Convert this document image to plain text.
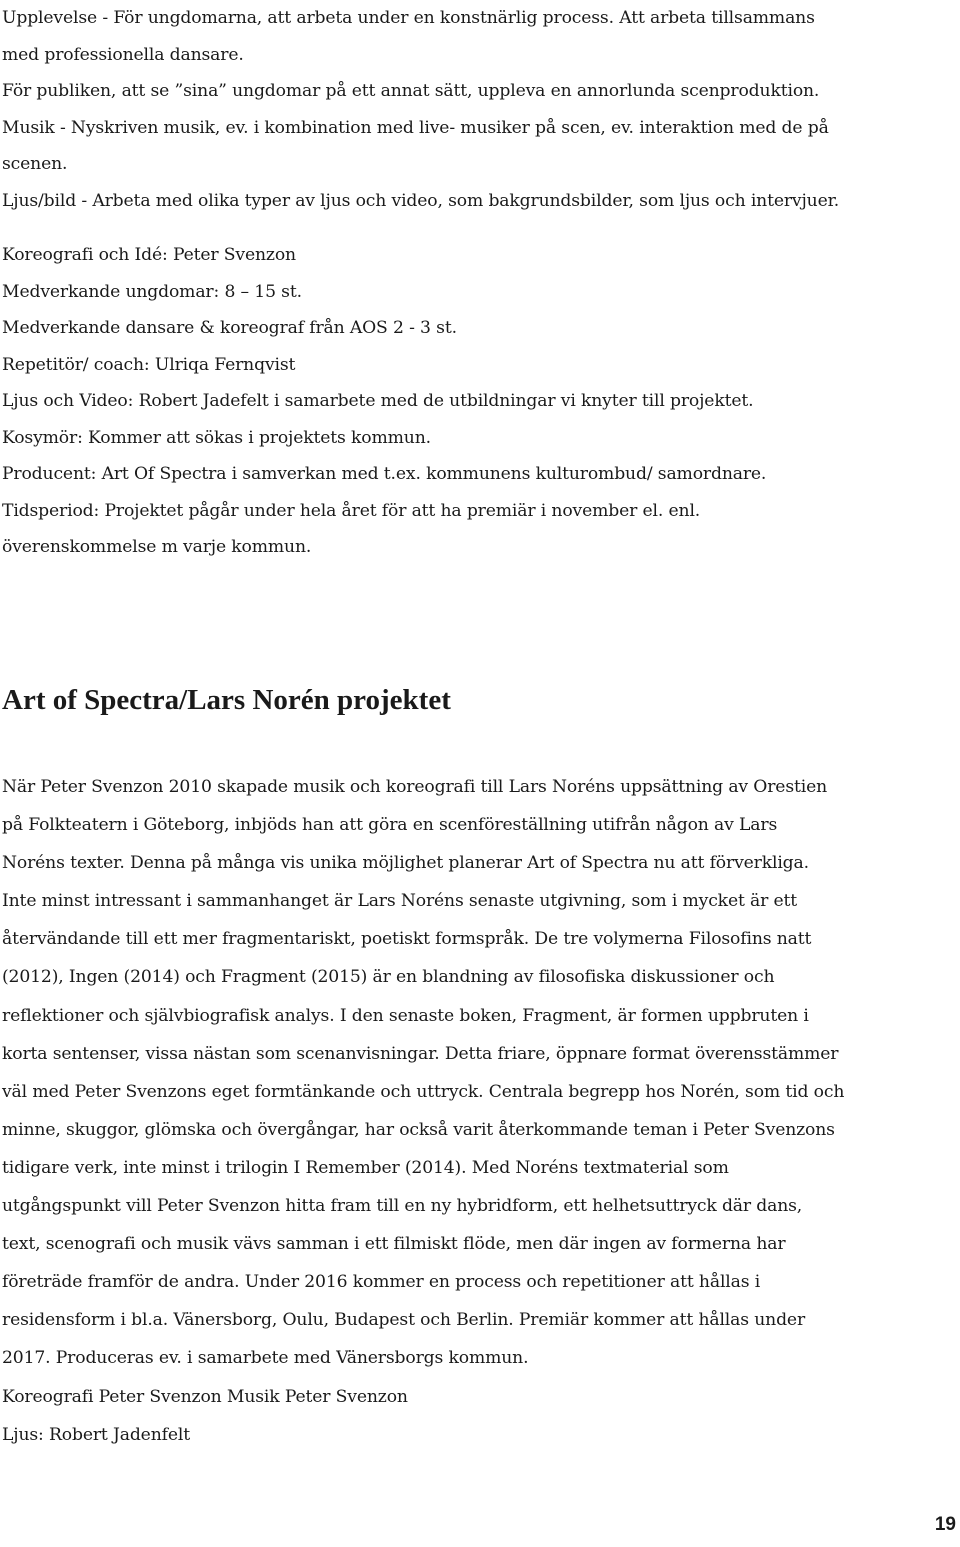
Upplevelse - För ungdomarna, att arbeta under en konstnärlig process. Att arbeta tillsammans
med professionella dansare.
För publiken, att se ”sina” ungdomar på ett annat sätt, uppleva en annorlunda scenproduktion.
Musik - Nyskriven musik, ev. i kombination med live- musiker på scen, ev. interaktion med de på
scenen.
Ljus/bild - Arbeta med olika typer av ljus och video, som bakgrundsbilder, som ljus och intervjuer.
Koreografi och Idé: Peter Svenzon
Medverkande ungdomar: 8 – 15 st.
Medverkande dansare & koreograf från AOS 2 - 3 st.
Repetitör/ coach: Ulriqa Fernqvist
Ljus och Video: Robert Jadefelt i samarbete med de utbildningar vi knyter till projektet.
Kosymör: Kommer att sökas i projektets kommun.
Producent: Art Of Spectra i samverkan med t.ex. kommunens kulturombud/ samordnare.
Tidsperiod: Projektet pågår under hela året för att ha premiär i november el. enl.
överenskommelse m varje kommun.
Art of Spectra/Lars Norén projektet
När Peter Svenzon 2010 skapade musik och koreografi till Lars Noréns uppsättning av Orestien
på Folkteatern i Göteborg, inbjöds han att göra en scenföreställning utifrån någon av Lars
Noréns texter. Denna på många vis unika möjlighet planerar Art of Spectra nu att förverkliga.
Inte minst intressant i sammanhanget är Lars Noréns senaste utgivning, som i mycket är ett
återvändande till ett mer fragmentariskt, poetiskt formspråk. De tre volymerna Filosofins natt
(2012), Ingen (2014) och Fragment (2015) är en blandning av filosofiska diskussioner och
reflektioner och självbiografisk analys. I den senaste boken, Fragment, är formen uppbruten i
korta sentenser, vissa nästan som scenanvisningar. Detta friare, öppnare format överensstämmer
väl med Peter Svenzons eget formtänkande och uttryck. Centrala begrepp hos Norén, som tid och
minne, skuggor, glömska och övergångar, har också varit återkommande teman i Peter Svenzons
tidigare verk, inte minst i trilogin I Remember (2014). Med Noréns textmaterial som
utgångspunkt vill Peter Svenzon hitta fram till en ny hybridform, ett helhetsuttryck där dans,
text, scenografi och musik vävs samman i ett filmiskt flöde, men där ingen av formerna har
företräde framför de andra. Under 2016 kommer en process och repetitioner att hållas i
residensform i bl.a. Vänersborg, Oulu, Budapest och Berlin. Premiär kommer att hållas under
2017. Produceras ev. i samarbete med Vänersborgs kommun.
Koreografi Peter Svenzon Musik Peter Svenzon
Ljus: Robert Jadenfelt
19
